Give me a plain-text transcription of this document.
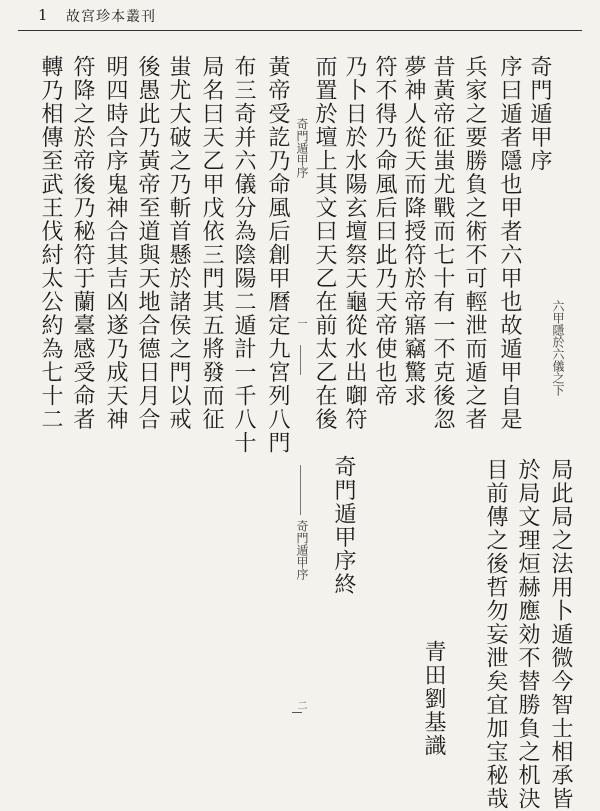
1 故宮珍本叢刊
奇門遁甲序
序曰遁者隱也甲者六甲也故遁甲自是
兵家之要勝負之術不可輕泄而遁之者
昔黃帝征蚩尤戰而七十有一不克後忽
夢神人從天而降授符於帝寤竊驚求
符不得乃命風后曰此乃天帝使也帝
乃卜日於水陽玄壇祭天龜從水出啣符
而置於壇上其文曰天乙在前太乙在後	六甲隱於六儀之下
奇門遁甲序
一
黃帝受訖乃命風后創甲曆定九宮列八門
布三奇并六儀分為陰陽二遁計一千八十
局名曰天乙甲戊依三門其五將發而征
蚩尤大破之乃斬首懸於諸侯之門以戒
後愚此乃黃帝至道與天地合德日月合
明四時合序鬼神合其吉凶遂乃成天神
符降之於帝後乃秘符于蘭臺感受命者
轉乃相傳至武王伐紂太公約為七十二
局此局之法用卜遁微今智士相承皆
於局文理烜赫應効不替勝負之机決
目前傳之後哲勿妄泄矣宜加宝秘哉
奇門遁甲序終
青田劉基識
奇門遁甲序
二
